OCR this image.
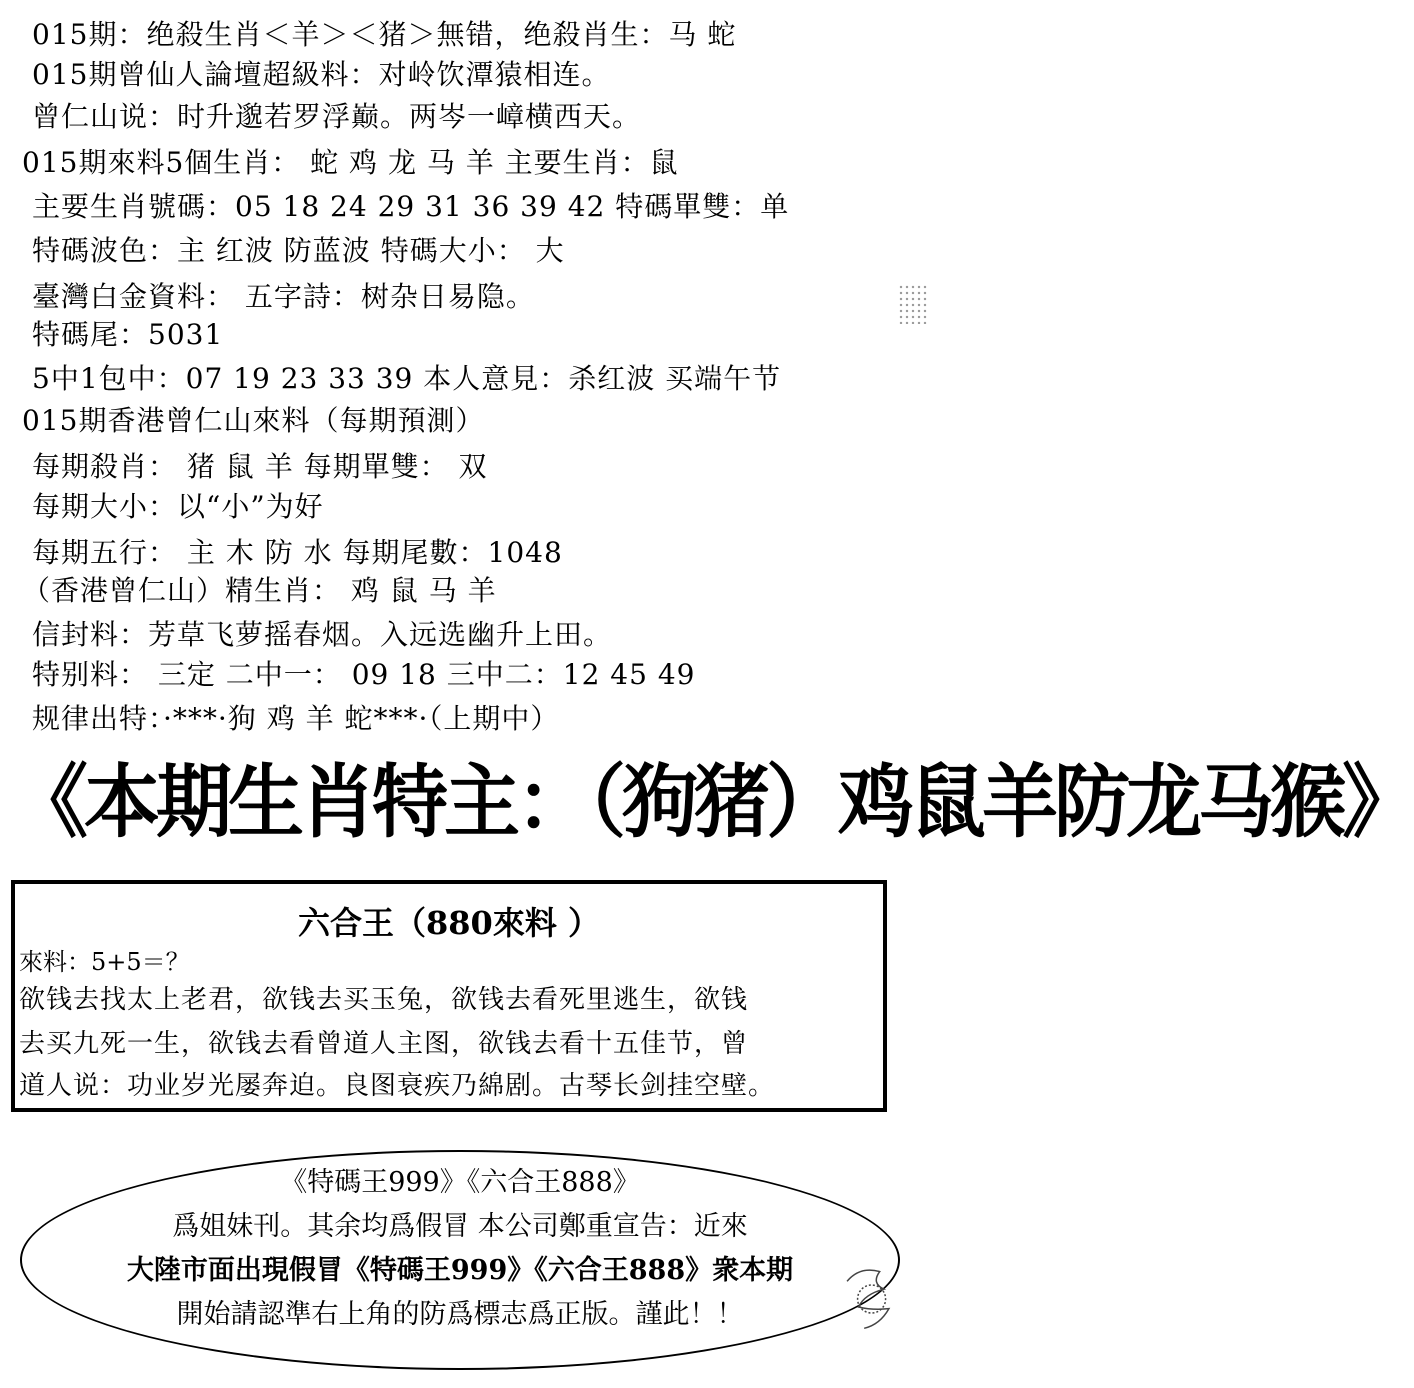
015期：绝殺生肖＜羊＞＜猪＞無错，绝殺肖生：马 蛇
015期曾仙人論壇超級料：对岭饮潭猿相连。
曾仁山说：时升邈若罗浮巅。两岑一嶂横西天。
015期來料5個生肖： 蛇 鸡 龙 马 羊 主要生肖：鼠
主要生肖號碼：05 18 24 29 31 36 39 42 特碼單雙：单
特碼波色：主 红波 防蓝波 特碼大小： 大
臺灣白金資料： 五字詩：树杂日易隐。
特碼尾：5031
5中1包中：07 19 23 33 39 本人意見：杀红波 买端午节
015期香港曾仁山來料（每期預測）
每期殺肖： 猪 鼠 羊 每期單雙： 双
每期大小：以“小”为好
每期五行： 主 木 防 水 每期尾數：1048
（香港曾仁山）精生肖： 鸡 鼠 马 羊
信封料：芳草飞萝摇春烟。入远选幽升上田。
特别料： 三定 二中一： 09 18 三中二：12 45 49
规律出特：·***·狗 鸡 羊 蛇***·（上期中）
《本期生肖特主：（狗猪）鸡鼠羊防龙马猴》
六合王（880來料 ）
來料：5+5＝？
欲钱去找太上老君，欲钱去买玉兔，欲钱去看死里逃生，欲钱
去买九死一生，欲钱去看曾道人主图，欲钱去看十五佳节，曾
道人说：功业岁光屡奔迫。良图衰疾乃綿剧。古琴长剑挂空壁。
《特碼王999》《六合王888》
爲姐妹刊。其余均爲假冒 本公司鄭重宣告：近來
大陸市面出現假冒《特碼王999》《六合王888》衆本期
開始請認準右上角的防爲標志爲正版。謹此！！
